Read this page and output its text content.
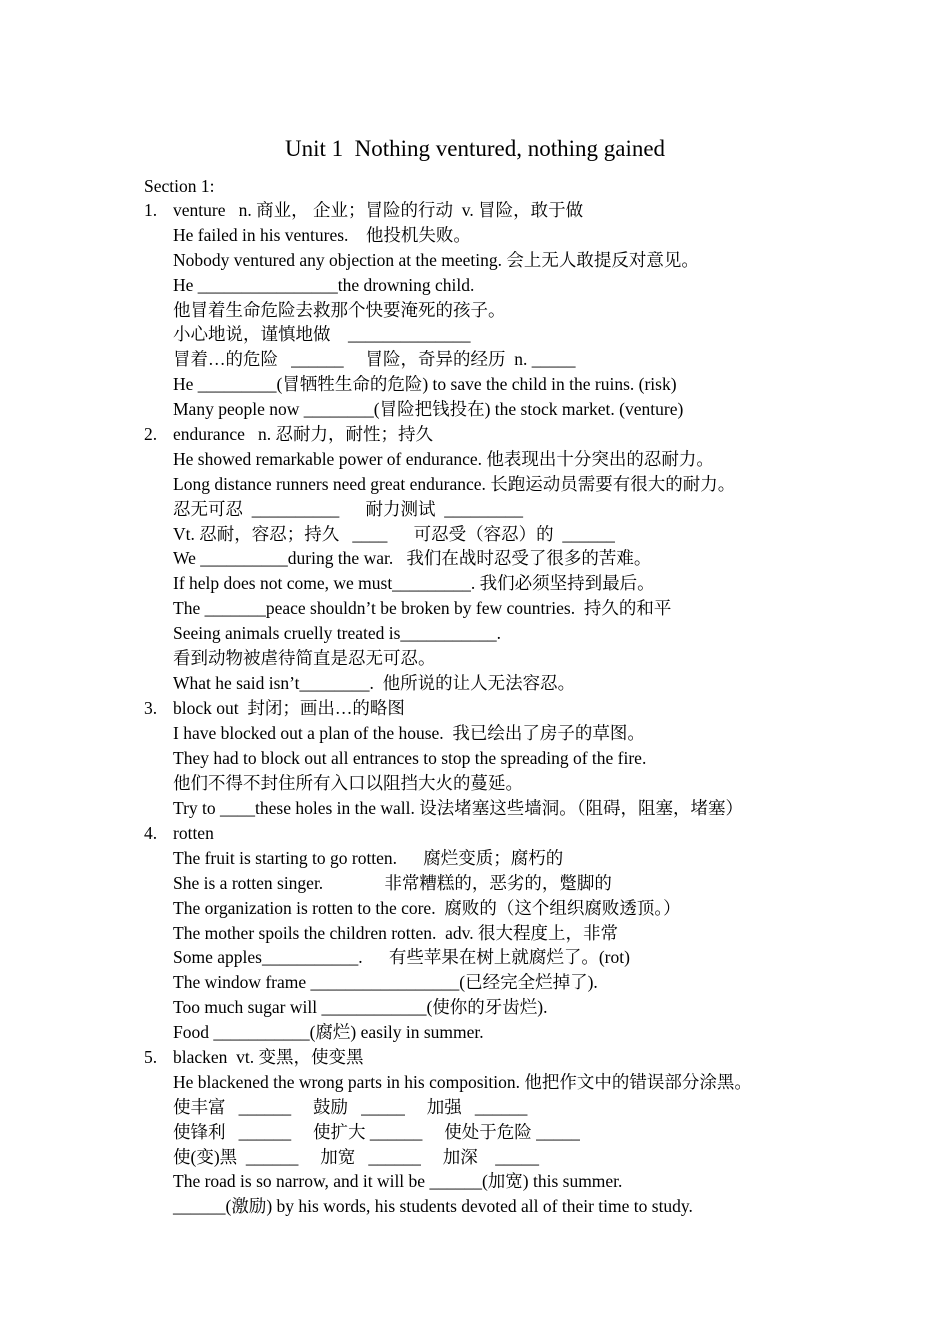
Unit 1  Nothing ventured, nothing gained
Section 1:
1. venture   n. 商业， 企业；冒险的行动  v. 冒险，敢于做
He failed in his ventures.    他投机失败。
Nobody ventured any objection at the meeting. 会上无人敢提反对意见。
He ________________the drowning child.
他冒着生命危险去救那个快要淹死的孩子。
小心地说，谨慎地做    ______________
冒着…的危险   ______     冒险，奇异的经历  n. _____
He _________(冒牺牲生命的危险) to save the child in the ruins. (risk)
Many people now ________(冒险把钱投在) the stock market. (venture)
2. endurance   n. 忍耐力，耐性；持久
He showed remarkable power of endurance. 他表现出十分突出的忍耐力。
Long distance runners need great endurance. 长跑运动员需要有很大的耐力。
忍无可忍  __________      耐力测试  _________
Vt. 忍耐，容忍；持久   ____      可忍受（容忍）的  ______
We __________during the war.   我们在战时忍受了很多的苦难。
If help does not come, we must_________. 我们必须坚持到最后。
The _______peace shouldn’t be broken by few countries.  持久的和平
Seeing animals cruelly treated is___________.
看到动物被虐待简直是忍无可忍。
What he said isn’t________.  他所说的让人无法容忍。
3. block out  封闭；画出…的略图
I have blocked out a plan of the house.  我已绘出了房子的草图。
They had to block out all entrances to stop the spreading of the fire.
他们不得不封住所有入口以阻挡大火的蔓延。
Try to ____these holes in the wall. 设法堵塞这些墙洞。（阻碍，阻塞，堵塞）
4. rotten
The fruit is starting to go rotten.      腐烂变质；腐朽的
She is a rotten singer.              非常糟糕的，恶劣的，蹩脚的
The organization is rotten to the core.  腐败的（这个组织腐败透顶。）
The mother spoils the children rotten.  adv. 很大程度上，非常
Some apples___________.      有些苹果在树上就腐烂了。(rot)
The window frame _________________(已经完全烂掉了).
Too much sugar will ____________(使你的牙齿烂).
Food ___________(腐烂) easily in summer.
5. blacken  vt. 变黑，使变黑
He blackened the wrong parts in his composition. 他把作文中的错误部分涂黑。
使丰富   ______     鼓励   _____     加强   ______
使锋利   ______     使扩大 ______     使处于危险 _____
使(变)黑  ______     加宽   ______     加深    _____
The road is so narrow, and it will be ______(加宽) this summer.
______(激励) by his words, his students devoted all of their time to study.
